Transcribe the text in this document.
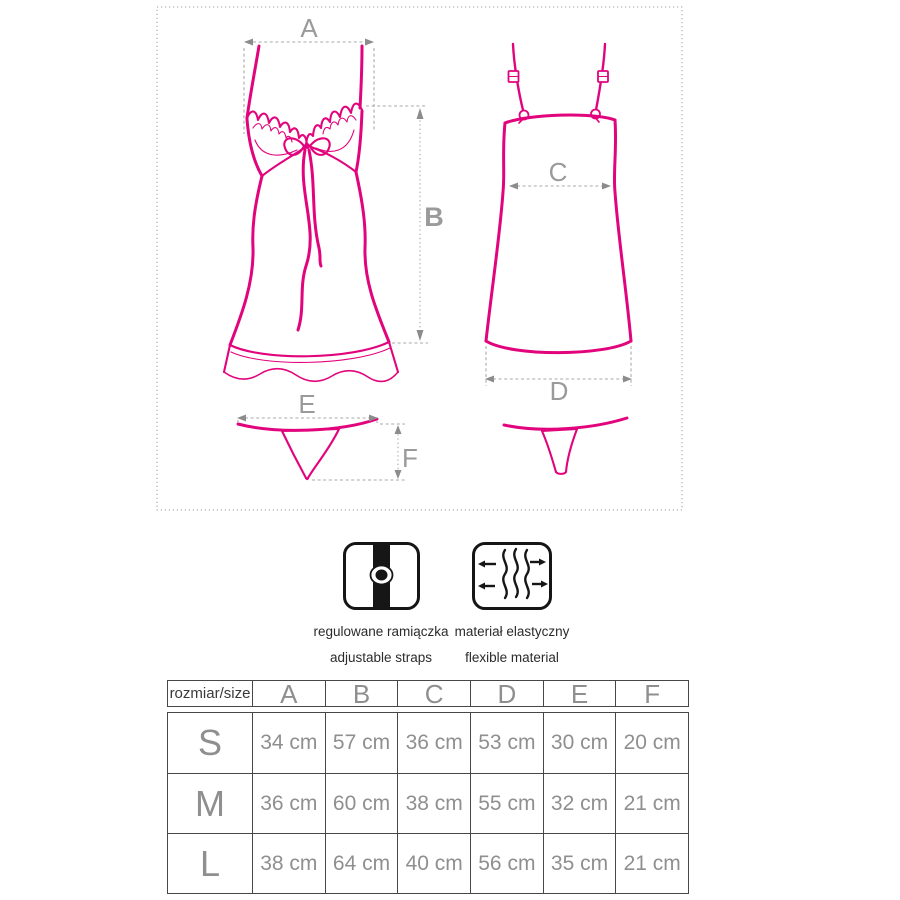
A
B
C
D
E
F
regulowane ramiączka
adjustable straps
materiał elastyczny
flexible material
rozmiar/size	A	B	C	D	E	F
S	34 cm 57 cm 36 cm 53 cm 30 cm 20 cm
M	36 cm 60 cm 38 cm 55 cm 32 cm 21 cm
L	38 cm 64 cm 40 cm 56 cm 35 cm 21 cm
